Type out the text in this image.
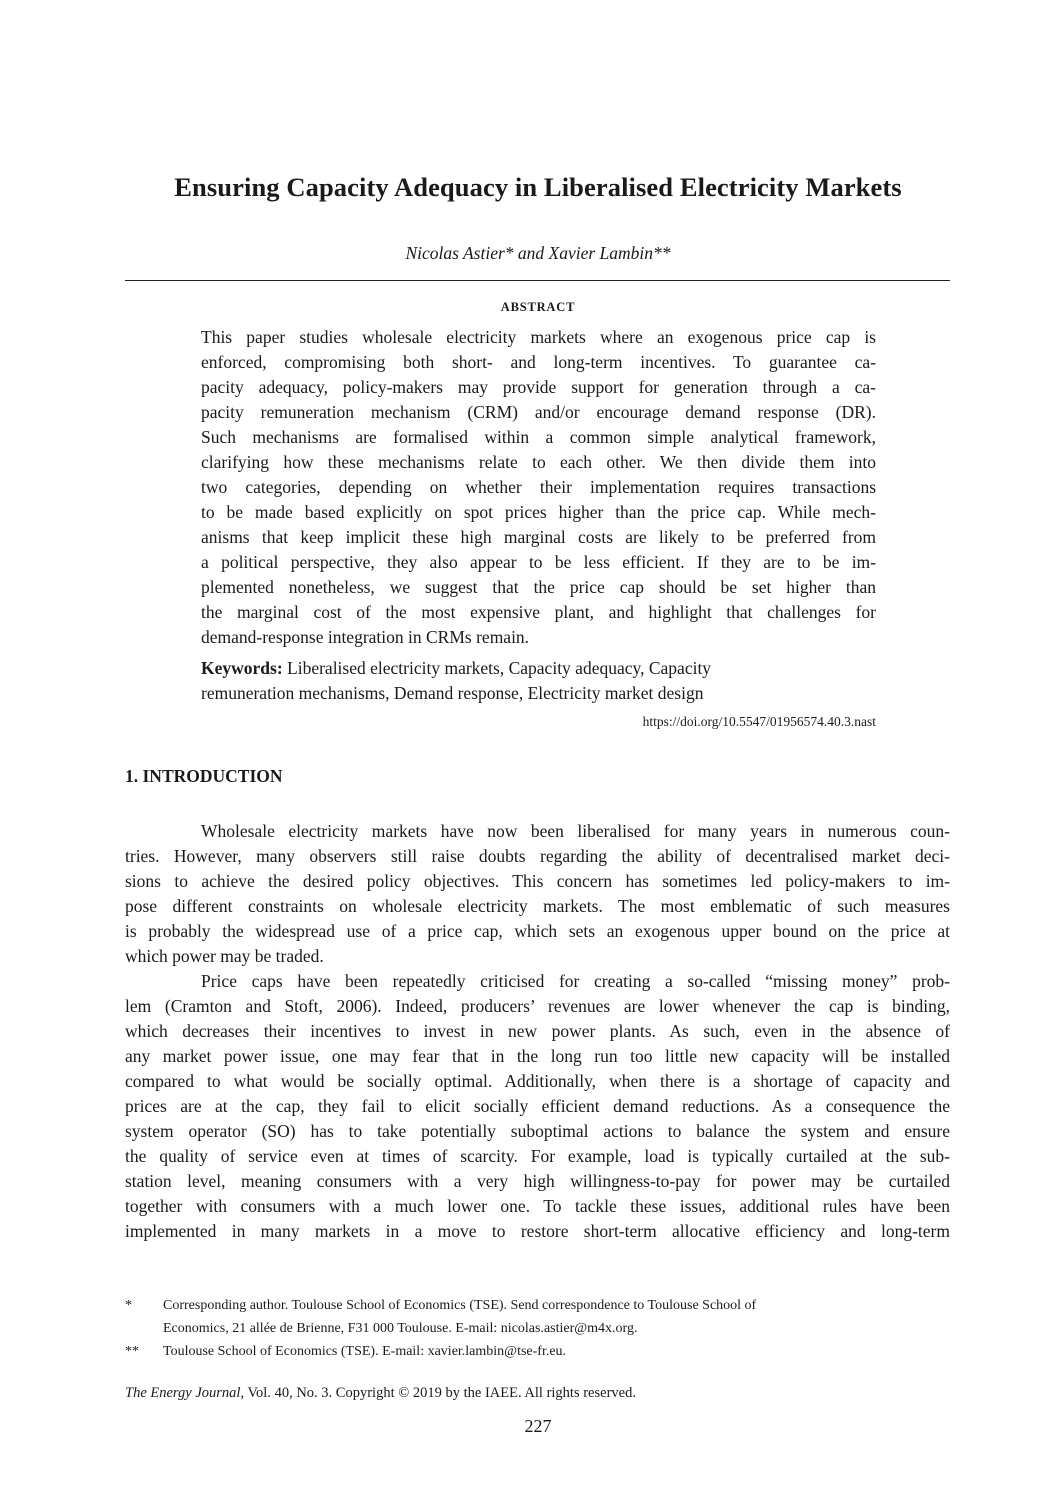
Ensuring Capacity Adequacy in Liberalised Electricity Markets
Nicolas Astier* and Xavier Lambin**
ABSTRACT
This paper studies wholesale electricity markets where an exogenous price cap is
enforced, compromising both short- and long-term incentives. To guarantee ca-
pacity adequacy, policy-makers may provide support for generation through a ca-
pacity remuneration mechanism (CRM) and/or encourage demand response (DR).
Such mechanisms are formalised within a common simple analytical framework,
clarifying how these mechanisms relate to each other. We then divide them into
two categories, depending on whether their implementation requires transactions
to be made based explicitly on spot prices higher than the price cap. While mech-
anisms that keep implicit these high marginal costs are likely to be preferred from
a political perspective, they also appear to be less efficient. If they are to be im-
plemented nonetheless, we suggest that the price cap should be set higher than
the marginal cost of the most expensive plant, and highlight that challenges for
demand-response integration in CRMs remain.
Keywords: Liberalised electricity markets, Capacity adequacy, Capacity
remuneration mechanisms, Demand response, Electricity market design
https://doi.org/10.5547/01956574.40.3.nast
1. INTRODUCTION
Wholesale electricity markets have now been liberalised for many years in numerous coun-
tries. However, many observers still raise doubts regarding the ability of decentralised market deci-
sions to achieve the desired policy objectives. This concern has sometimes led policy-makers to im-
pose different constraints on wholesale electricity markets. The most emblematic of such measures
is probably the widespread use of a price cap, which sets an exogenous upper bound on the price at
which power may be traded.
Price caps have been repeatedly criticised for creating a so-called “missing money” prob-
lem (Cramton and Stoft, 2006). Indeed, producers’ revenues are lower whenever the cap is binding,
which decreases their incentives to invest in new power plants. As such, even in the absence of
any market power issue, one may fear that in the long run too little new capacity will be installed
compared to what would be socially optimal. Additionally, when there is a shortage of capacity and
prices are at the cap, they fail to elicit socially efficient demand reductions. As a consequence the
system operator (SO) has to take potentially suboptimal actions to balance the system and ensure
the quality of service even at times of scarcity. For example, load is typically curtailed at the sub-
station level, meaning consumers with a very high willingness-to-pay for power may be curtailed
together with consumers with a much lower one. To tackle these issues, additional rules have been
implemented in many markets in a move to restore short-term allocative efficiency and long-term
* Corresponding author. Toulouse School of Economics (TSE). Send correspondence to Toulouse School of
Economics, 21 allée de Brienne, F31 000 Toulouse. E-mail: nicolas.astier@m4x.org.
** Toulouse School of Economics (TSE). E-mail: xavier.lambin@tse-fr.eu.
The Energy Journal, Vol. 40, No. 3. Copyright © 2019 by the IAEE. All rights reserved.
227
